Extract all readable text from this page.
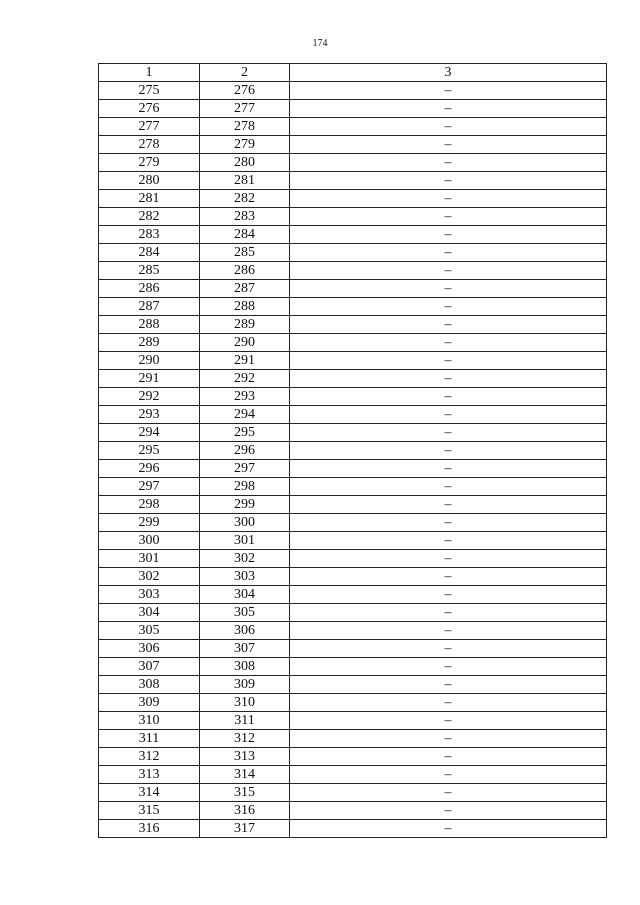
174
1	2	3
275	276	–
276	277	–
277	278	–
278	279	–
279	280	–
280	281	–
281	282	–
282	283	–
283	284	–
284	285	–
285	286	–
286	287	–
287	288	–
288	289	–
289	290	–
290	291	–
291	292	–
292	293	–
293	294	–
294	295	–
295	296	–
296	297	–
297	298	–
298	299	–
299	300	–
300	301	–
301	302	–
302	303	–
303	304	–
304	305	–
305	306	–
306	307	–
307	308	–
308	309	–
309	310	–
310	311	–
311	312	–
312	313	–
313	314	–
314	315	–
315	316	–
316	317	–
